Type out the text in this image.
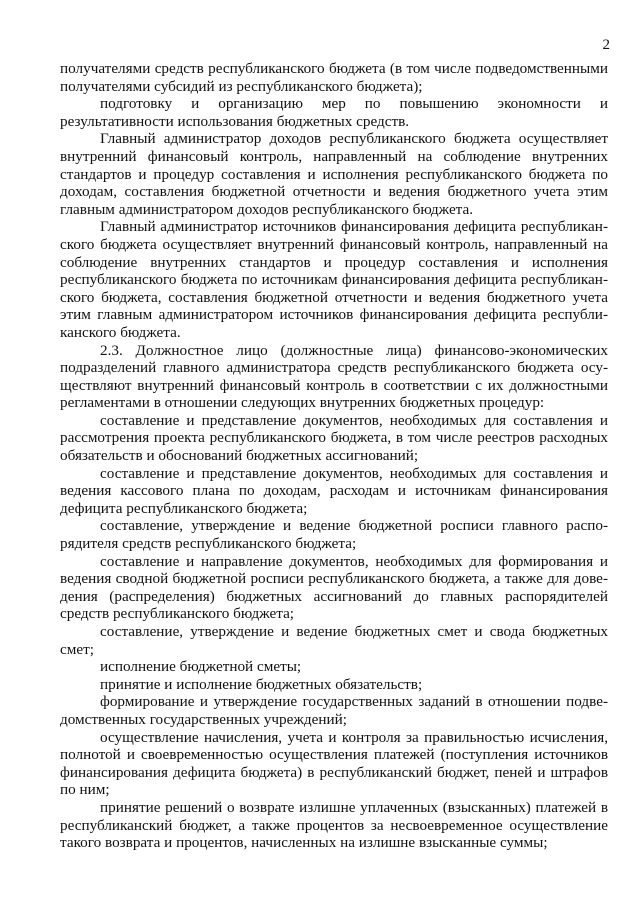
2

получателями средств республиканского бюджета (в том числе подведомственными получателями субсидий из республиканского бюджета);

подготовку и организацию мер по повышению экономности и результативности использования бюджетных средств.

Главный администратор доходов республиканского бюджета осуществляет внутренний финансовый контроль, направленный на соблюдение внутренних стандартов и процедур составления и исполнения республиканского бюджета по доходам, составления бюджетной отчетности и ведения бюджетного учета этим главным администратором доходов республиканского бюджета.

Главный администратор источников финансирования дефицита республиканского бюджета осуществляет внутренний финансовый контроль, направленный на соблюдение внутренних стандартов и процедур составления и исполнения республиканского бюджета по источникам финансирования дефицита республиканского бюджета, составления бюджетной отчетности и ведения бюджетного учета этим главным администратором источников финансирования дефицита республиканского бюджета.

2.3. Должностное лицо (должностные лица) финансово-экономических подразделений главного администратора средств республиканского бюджета осуществляют внутренний финансовый контроль в соответствии с их должностными регламентами в отношении следующих внутренних бюджетных процедур:

составление и представление документов, необходимых для составления и рассмотрения проекта республиканского бюджета, в том числе реестров расходных обязательств и обоснований бюджетных ассигнований;

составление и представление документов, необходимых для составления и ведения кассового плана по доходам, расходам и источникам финансирования дефицита республиканского бюджета;

составление, утверждение и ведение бюджетной росписи главного распорядителя средств республиканского бюджета;

составление и направление документов, необходимых для формирования и ведения сводной бюджетной росписи республиканского бюджета, а также для доведения (распределения) бюджетных ассигнований до главных распорядителей средств республиканского бюджета;

составление, утверждение и ведение бюджетных смет и свода бюджетных смет;

исполнение бюджетной сметы;

принятие и исполнение бюджетных обязательств;

формирование и утверждение государственных заданий в отношении подведомственных государственных учреждений;

осуществление начисления, учета и контроля за правильностью исчисления, полнотой и своевременностью осуществления платежей (поступления источников финансирования дефицита бюджета) в республиканский бюджет, пеней и штрафов по ним;

принятие решений о возврате излишне уплаченных (взысканных) платежей в республиканский бюджет, а также процентов за несвоевременное осуществление такого возврата и процентов, начисленных на излишне взысканные суммы;
